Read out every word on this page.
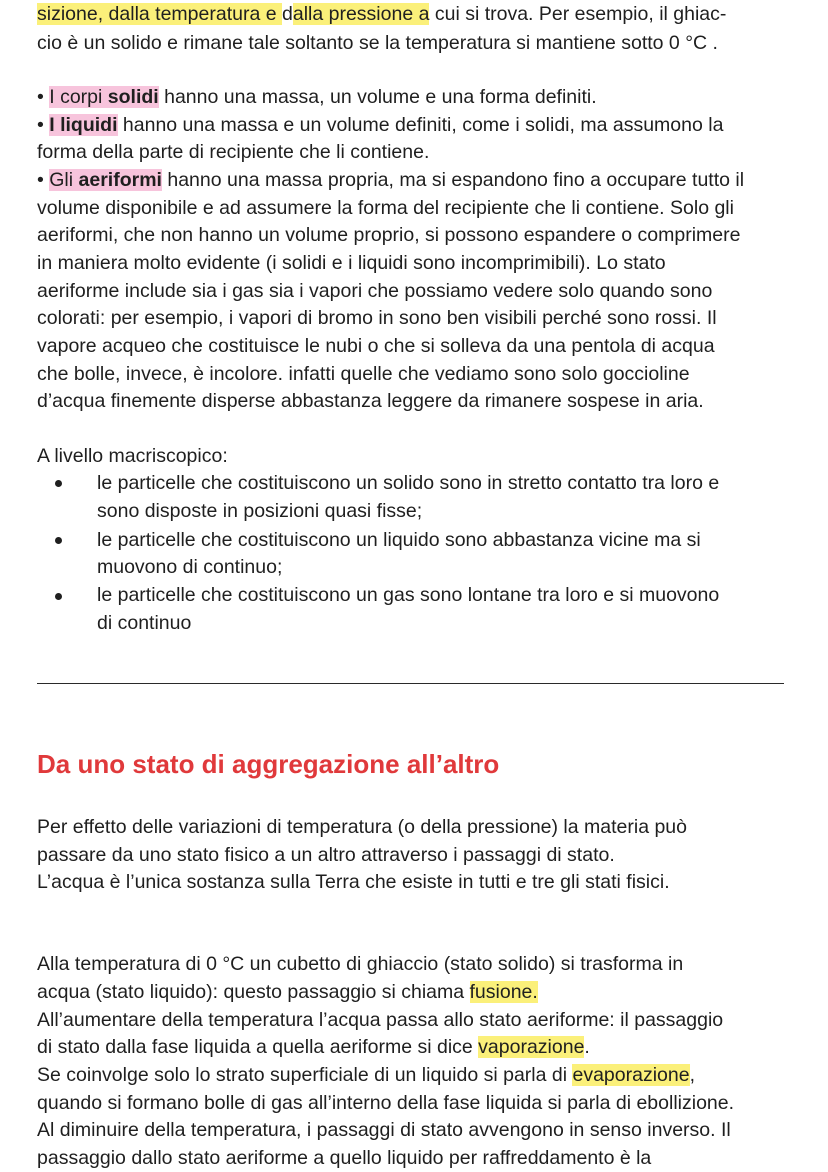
sizione, dalla temperatura e dalla pressione a cui si trova. Per esempio, il ghiac-
cio è un solido e rimane tale soltanto se la temperatura si mantiene sotto 0 °C .
• I corpi solidi hanno una massa, un volume e una forma definiti.
• I liquidi hanno una massa e un volume definiti, come i solidi, ma assumono la
forma della parte di recipiente che li contiene.
• Gli aeriformi hanno una massa propria, ma si espandono fino a occupare tutto il
volume disponibile e ad assumere la forma del recipiente che li contiene. Solo gli
aeriformi, che non hanno un volume proprio, si possono espandere o comprimere
in maniera molto evidente (i solidi e i liquidi sono incomprimibili). Lo stato
aeriforme include sia i gas sia i vapori che possiamo vedere solo quando sono
colorati: per esempio, i vapori di bromo in sono ben visibili perché sono rossi. Il
vapore acqueo che costituisce le nubi o che si solleva da una pentola di acqua
che bolle, invece, è incolore. infatti quelle che vediamo sono solo goccioline
d’acqua finemente disperse abbastanza leggere da rimanere sospese in aria.
A livello macriscopico:
le particelle che costituiscono un solido sono in stretto contatto tra loro e
sono disposte in posizioni quasi fisse;
le particelle che costituiscono un liquido sono abbastanza vicine ma si
muovono di continuo;
le particelle che costituiscono un gas sono lontane tra loro e si muovono
di continuo
Da uno stato di aggregazione all’altro
Per effetto delle variazioni di temperatura (o della pressione) la materia può
passare da uno stato fisico a un altro attraverso i passaggi di stato.
L’acqua è l’unica sostanza sulla Terra che esiste in tutti e tre gli stati fisici.
Alla temperatura di 0 °C un cubetto di ghiaccio (stato solido) si trasforma in
acqua (stato liquido): questo passaggio si chiama fusione.
All’aumentare della temperatura l’acqua passa allo stato aeriforme: il passaggio
di stato dalla fase liquida a quella aeriforme si dice vaporazione.
Se coinvolge solo lo strato superficiale di un liquido si parla di evaporazione,
quando si formano bolle di gas all’interno della fase liquida si parla di ebollizione.
Al diminuire della temperatura, i passaggi di stato avvengono in senso inverso. Il
passaggio dallo stato aeriforme a quello liquido per raffreddamento è la
